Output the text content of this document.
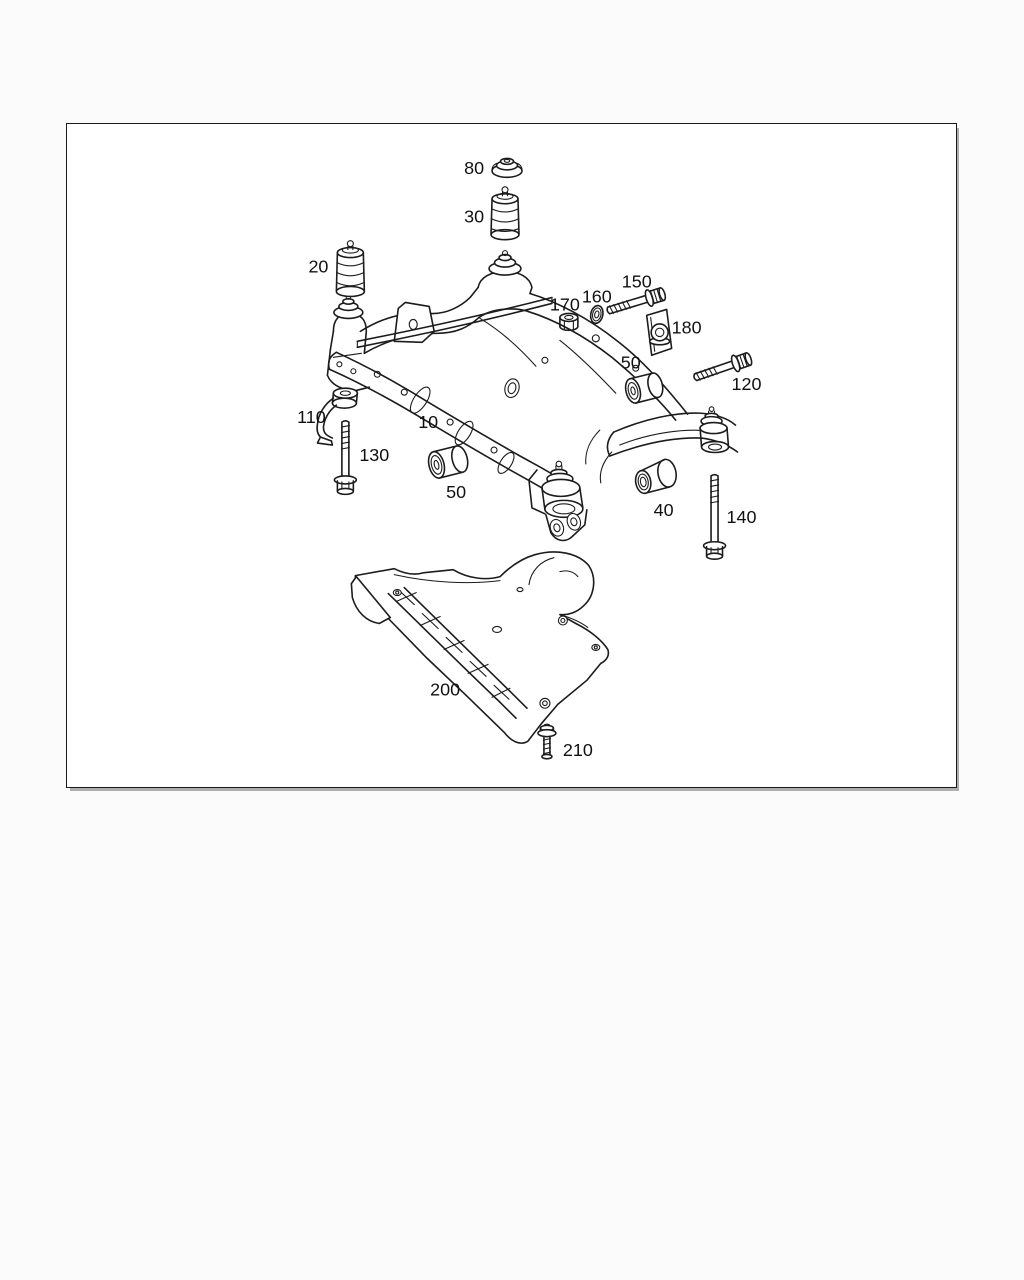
80
30
20
150
160
170
180
50
120
110	10
130
50
40	140
200
210
